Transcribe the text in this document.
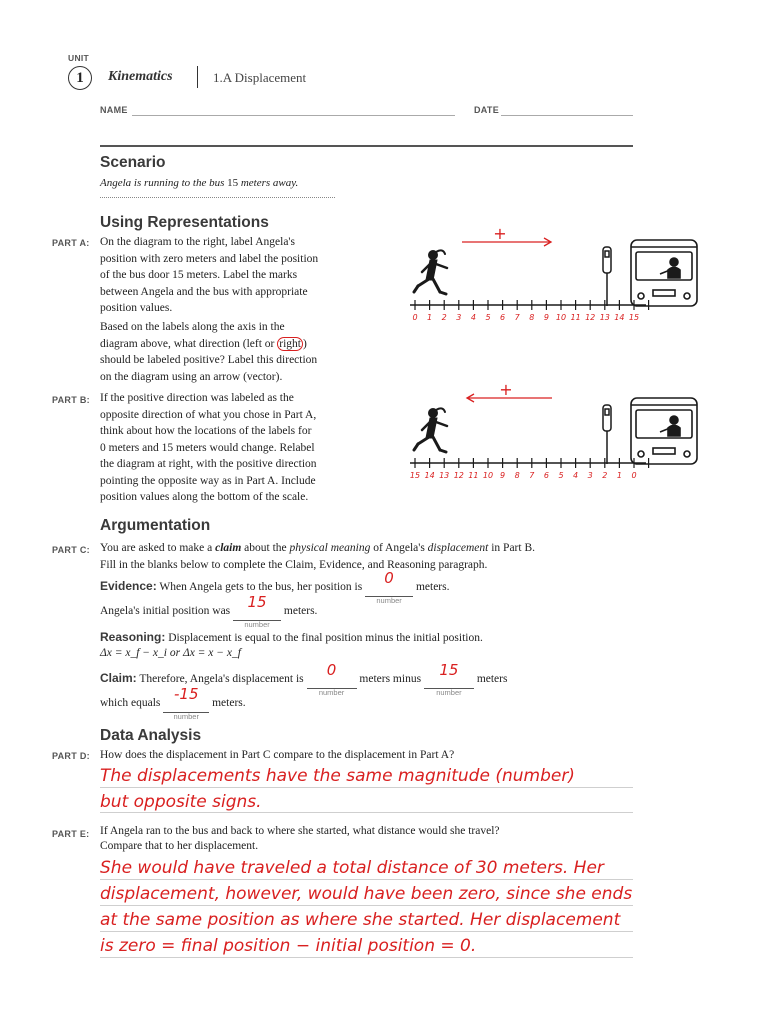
UNIT
1	Kinematics	1.A Displacement
NAME	DATE
Scenario
Angela is running to the bus 15 meters away.
Using Representations
PART A: On the diagram to the right, label Angela's
position with zero meters and label the position
of the bus door 15 meters. Label the marks
between Angela and the bus with appropriate
position values.
Based on the labels along the axis in the
diagram above, what direction (left or right )
should be labeled positive? Label this direction
on the diagram using an arrow (vector).
PART B: If the positive direction was labeled as the
opposite direction of what you chose in Part A,
think about how the locations of the labels for
0 meters and 15 meters would change. Relabel
the diagram at right, with the positive direction
pointing the opposite way as in Part A. Include
position values along the bottom of the scale.
+
0 1 2 3 4 5 6 7 8 9 10 11 12 13 14 15
+
15 14 13 12 11 10 9 8 7 6 5 4 3 2 1 0
Argumentation
PART C: You are asked to make a claim about the physical meaning of Angela's displacement in Part B.
Fill in the blanks below to complete the Claim, Evidence, and Reasoning paragraph.
Evidence: When Angela gets to the bus, her position is	0
number
meters.
Angela's initial position was	15
number
meters.
Reasoning: Displacement is equal to the final position minus the initial position.
Δx = x_f − x_i or Δx = x − x_f
Claim: Therefore, Angela's displacement is	0
number
meters minus	15
number
meters
which equals -15
number
meters.
Data Analysis
PART D: How does the displacement in Part C compare to the displacement in Part A?
The displacements have the same magnitude (number)
but opposite signs.
PART E: If Angela ran to the bus and back to where she started, what distance would she travel?
Compare that to her displacement.
She would have traveled a total distance of 30 meters. Her
displacement, however, would have been zero, since she ends
at the same position as where she started. Her displacement
is zero = final position − initial position = 0.
